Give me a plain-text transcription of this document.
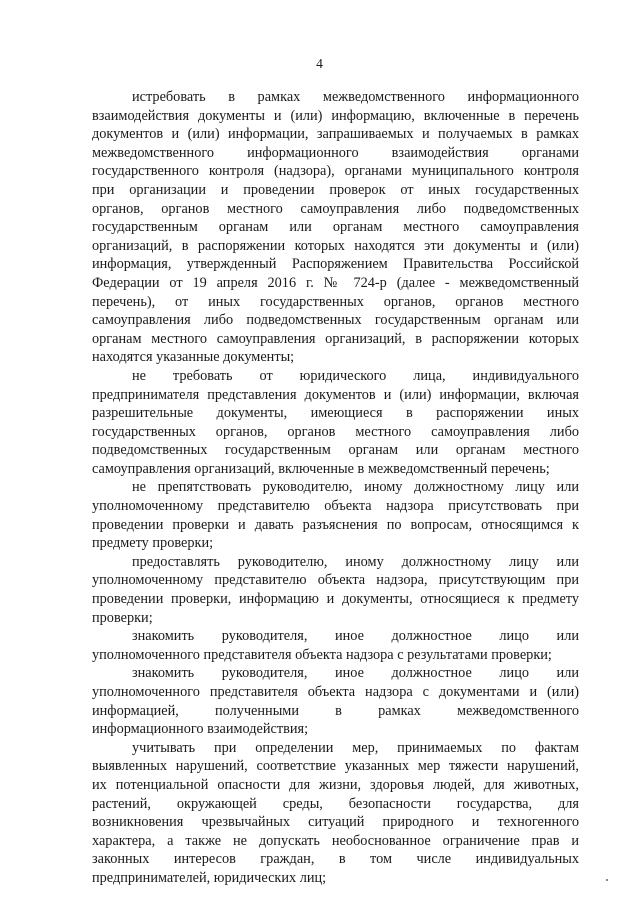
4

истребовать в рамках межведомственного информационного
взаимодействия документы и (или) информацию, включенные в перечень
документов и (или) информации, запрашиваемых и получаемых в рамках
межведомственного информационного взаимодействия органами
государственного контроля (надзора), органами муниципального контроля
при организации и проведении проверок от иных государственных
органов, органов местного самоуправления либо подведомственных
государственным органам или органам местного самоуправления
организаций, в распоряжении которых находятся эти документы и (или)
информация, утвержденный Распоряжением Правительства Российской
Федерации от 19 апреля 2016 г. № 724-р (далее - межведомственный
перечень), от иных государственных органов, органов местного
самоуправления либо подведомственных государственным органам или
органам местного самоуправления организаций, в распоряжении которых
находятся указанные документы;

не требовать от юридического лица, индивидуального
предпринимателя представления документов и (или) информации, включая
разрешительные документы, имеющиеся в распоряжении иных
государственных органов, органов местного самоуправления либо
подведомственных государственным органам или органам местного
самоуправления организаций, включенные в межведомственный перечень;

не препятствовать руководителю, иному должностному лицу или
уполномоченному представителю объекта надзора присутствовать при
проведении проверки и давать разъяснения по вопросам, относящимся к
предмету проверки;

предоставлять руководителю, иному должностному лицу или
уполномоченному представителю объекта надзора, присутствующим при
проведении проверки, информацию и документы, относящиеся к предмету
проверки;

знакомить руководителя, иное должностное лицо или
уполномоченного представителя объекта надзора с результатами проверки;

знакомить руководителя, иное должностное лицо или
уполномоченного представителя объекта надзора с документами и (или)
информацией, полученными в рамках межведомственного
информационного взаимодействия;

учитывать при определении мер, принимаемых по фактам
выявленных нарушений, соответствие указанных мер тяжести нарушений,
их потенциальной опасности для жизни, здоровья людей, для животных,
растений, окружающей среды, безопасности государства, для
возникновения чрезвычайных ситуаций природного и техногенного
характера, а также не допускать необоснованное ограничение прав и
законных интересов граждан, в том числе индивидуальных
предпринимателей, юридических лиц;
